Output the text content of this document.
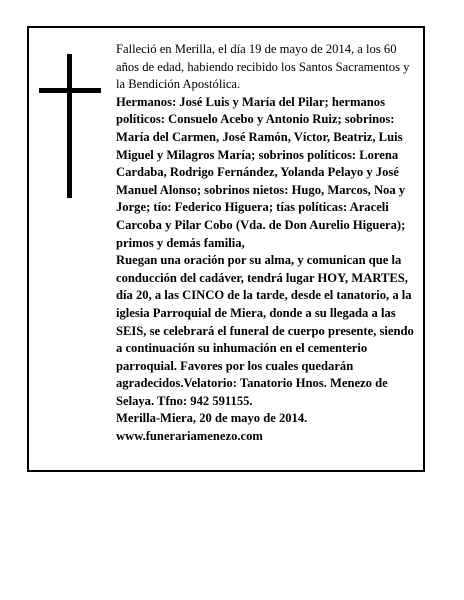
Falleció en Merilla, el día 19 de mayo de 2014, a los 60 años de edad, habiendo recibido los Santos Sacramentos y la Bendición Apostólica.

Hermanos: José Luis y María del Pilar; hermanos políticos: Consuelo Acebo y Antonio Ruiz; sobrinos: María del Carmen, José Ramón, Víctor, Beatriz, Luis Miguel y Milagros María; sobrinos políticos: Lorena Cardaba, Rodrigo Fernández, Yolanda Pelayo y José Manuel Alonso; sobrinos nietos: Hugo, Marcos, Noa y Jorge; tío: Federico Higuera; tías políticas: Araceli Carcoba y Pilar Cobo (Vda. de Don Aurelio Higuera); primos y demás familia,

Ruegan una oración por su alma, y comunican que la conducción del cadáver, tendrá lugar HOY, MARTES, día 20, a las CINCO de la tarde, desde el tanatorio, a la iglesia Parroquial de Miera, donde a su llegada a las SEIS, se celebrará el funeral de cuerpo presente, siendo a continuación su inhumación en el cementerio parroquial. Favores por los cuales quedarán agradecidos.Velatorio: Tanatorio Hnos. Menezo de Selaya. Tfno: 942 591155.

Merilla-Miera, 20 de mayo de 2014.

www.funerariamenezo.com
